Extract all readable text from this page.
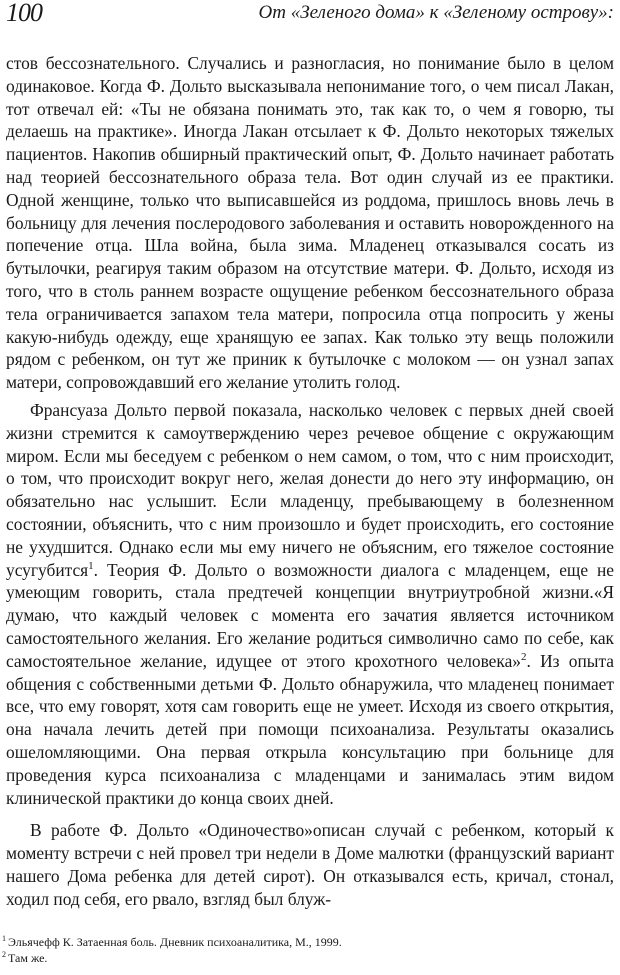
100	От «Зеленого дома» к «Зеленому острову»:

стов бессознательного. Случались и разногласия, но понимание было в целом одинаковое. Когда Ф. Дольто высказывала непонимание того, о чем писал Лакан, тот отвечал ей: «Ты не обязана понимать это, так как то, о чем я говорю, ты делаешь на практике». Иногда Лакан отсылает к Ф. Дольто некоторых тяжелых пациентов. Накопив обширный практический опыт, Ф. Дольто начинает работать над теорией бессознательного образа тела. Вот один случай из ее практики. Одной женщине, только что выписавшейся из роддома, пришлось вновь лечь в больницу для лечения послеродового заболевания и оставить новорожденного на попечение отца. Шла война, была зима. Младенец отказывался сосать из бутылочки, реагируя таким образом на отсутствие матери. Ф. Дольто, исходя из того, что в столь раннем возрасте ощущение ребенком бессознательного образа тела ограничивается запахом тела матери, попросила отца попросить у жены какую-нибудь одежду, еще хранящую ее запах. Как только эту вещь положили рядом с ребенком, он тут же приник к бутылочке с молоком — он узнал запах матери, сопровождавший его желание утолить голод.

Франсуаза Дольто первой показала, насколько человек с первых дней своей жизни стремится к самоутверждению через речевое общение с окружающим миром. Если мы беседуем с ребенком о нем самом, о том, что с ним происходит, о том, что происходит вокруг него, желая донести до него эту информацию, он обязательно нас услышит. Если младенцу, пребывающему в болезненном состоянии, объяснить, что с ним произошло и будет происходить, его состояние не ухудшится. Однако если мы ему ничего не объясним, его тяжелое состояние усугубится$^1$. Теория Ф. Дольто о возможности диалога с младенцем, еще не умеющим говорить, стала предтечей концепции внутриутробной жизни.«Я думаю, что каждый человек с момента его зачатия является источником самостоятельного желания. Его желание родиться символично само по себе, как самостоятельное желание, идущее от этого крохотного человека»$^2$. Из опыта общения с собственными детьми Ф. Дольто обнаружила, что младенец понимает все, что ему говорят, хотя сам говорить еще не умеет. Исходя из своего открытия, она начала лечить детей при помощи психоанализа. Результаты оказались ошеломляющими. Она первая открыла консультацию при больнице для проведения курса психоанализа с младенцами и занималась этим видом клинической практики до конца своих дней.

В работе Ф. Дольто «Одиночество»описан случай с ребенком, который к моменту встречи с ней провел три недели в Доме малютки (французский вариант нашего Дома ребенка для детей сирот). Он отказывался есть, кричал, стонал, ходил под себя, его рвало, взгляд был блуж-

$^1$ Эльячефф К. Затаенная боль. Дневник психоаналитика, М., 1999.

$^2$ Там же.
